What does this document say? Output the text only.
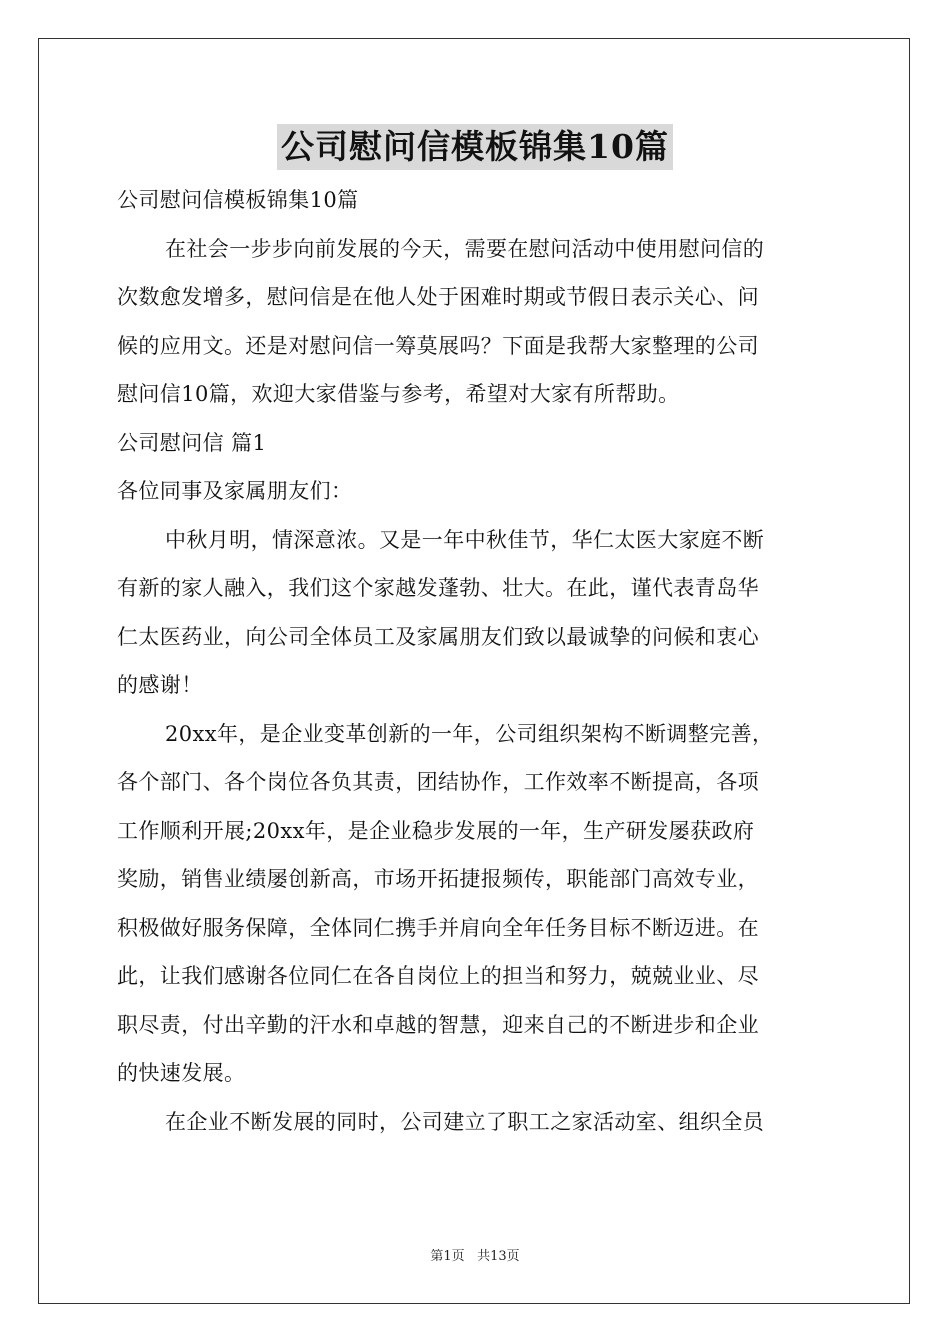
公司慰问信模板锦集10篇
公司慰问信模板锦集10篇
在社会一步步向前发展的今天，需要在慰问活动中使用慰问信的
次数愈发增多，慰问信是在他人处于困难时期或节假日表示关心、问
候的应用文。还是对慰问信一筹莫展吗？下面是我帮大家整理的公司
慰问信10篇，欢迎大家借鉴与参考，希望对大家有所帮助。
公司慰问信 篇1
各位同事及家属朋友们：
中秋月明，情深意浓。又是一年中秋佳节，华仁太医大家庭不断
有新的家人融入，我们这个家越发蓬勃、壮大。在此，谨代表青岛华
仁太医药业，向公司全体员工及家属朋友们致以最诚挚的问候和衷心
的感谢！
20xx年，是企业变革创新的一年，公司组织架构不断调整完善，
各个部门、各个岗位各负其责，团结协作，工作效率不断提高，各项
工作顺利开展;20xx年，是企业稳步发展的一年，生产研发屡获政府
奖励，销售业绩屡创新高，市场开拓捷报频传，职能部门高效专业，
积极做好服务保障，全体同仁携手并肩向全年任务目标不断迈进。在
此，让我们感谢各位同仁在各自岗位上的担当和努力，兢兢业业、尽
职尽责，付出辛勤的汗水和卓越的智慧，迎来自己的不断进步和企业
的快速发展。
在企业不断发展的同时，公司建立了职工之家活动室、组织全员
第1页 共13页
